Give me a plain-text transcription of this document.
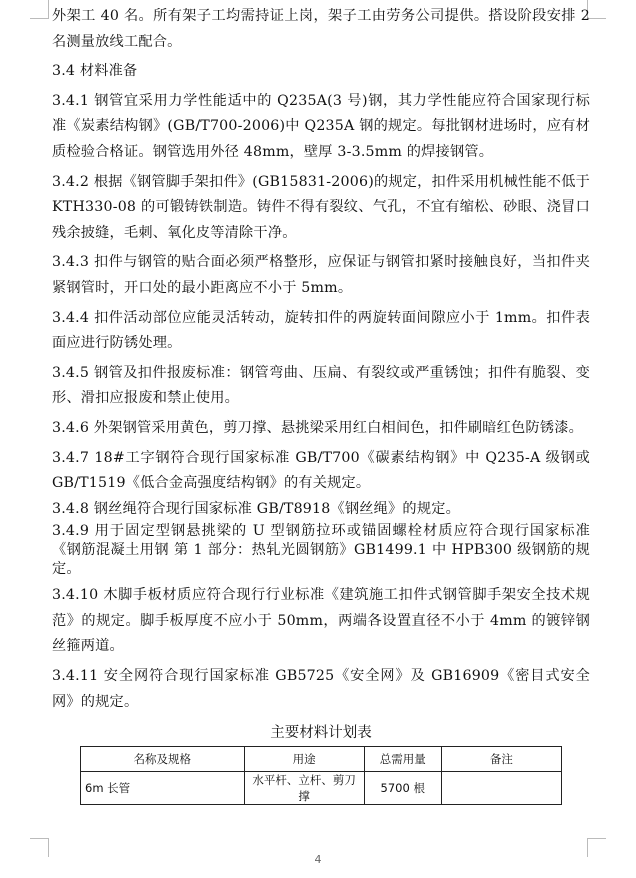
外架工 40 名。所有架子工均需持证上岗，架子工由劳务公司提供。搭设阶段安排 2 名测量放线工配合。

3.4 材料准备

3.4.1 钢管宜采用力学性能适中的 Q235A(3 号)钢，其力学性能应符合国家现行标准《炭素结构钢》(GB/T700-2006)中 Q235A 钢的规定。每批钢材进场时，应有材质检验合格证。钢管选用外径 48mm，壁厚 3-3.5mm 的焊接钢管。

3.4.2 根据《钢管脚手架扣件》(GB15831-2006)的规定，扣件采用机械性能不低于 KTH330-08 的可锻铸铁制造。铸件不得有裂纹、气孔，不宜有缩松、砂眼、浇冒口残余披缝，毛刺、氧化皮等清除干净。

3.4.3 扣件与钢管的贴合面必须严格整形，应保证与钢管扣紧时接触良好，当扣件夹紧钢管时，开口处的最小距离应不小于 5mm。

3.4.4 扣件活动部位应能灵活转动，旋转扣件的两旋转面间隙应小于 1mm。扣件表面应进行防锈处理。

3.4.5 钢管及扣件报废标准：钢管弯曲、压扁、有裂纹或严重锈蚀；扣件有脆裂、变形、滑扣应报废和禁止使用。

3.4.6 外架钢管采用黄色，剪刀撑、悬挑梁采用红白相间色，扣件刷暗红色防锈漆。

3.4.7 18#工字钢符合现行国家标准 GB/T700《碳素结构钢》中 Q235-A 级钢或 GB/T1519《低合金高强度结构钢》的有关规定。

3.4.8 钢丝绳符合现行国家标准 GB/T8918《钢丝绳》的规定。

3.4.9 用于固定型钢悬挑梁的 U 型钢筋拉环或锚固螺栓材质应符合现行国家标准《钢筋混凝土用钢 第 1 部分：热轧光圆钢筋》GB1499.1 中 HPB300 级钢筋的规定。

3.4.10 木脚手板材质应符合现行行业标准《建筑施工扣件式钢管脚手架安全技术规范》的规定。脚手板厚度不应小于 50mm，两端各设置直径不小于 4mm 的镀锌钢丝箍两道。

3.4.11 安全网符合现行国家标准 GB5725《安全网》及 GB16909《密目式安全网》的规定。

主要材料计划表
名称及规格	用途	总需用量	备注
6m 长管	水平杆、立杆、剪刀撑	5700 根	
4
